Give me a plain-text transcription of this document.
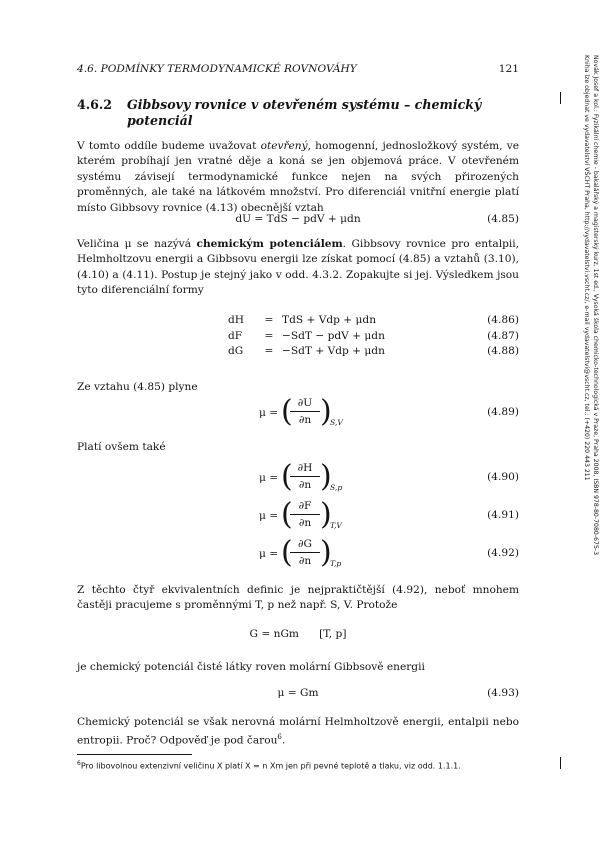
4.6. PODMÍNKY TERMODYNAMICKÉ ROVNOVÁHY	121
4.6.2 Gibbsovy rovnice v otevřeném systému – chemický potenciál
V tomto oddíle budeme uvažovat otevřený, homogenní, jednosložkový systém, ve kterém probíhají jen vratné děje a koná se jen objemová práce. V otevřeném systému závisejí termodynamické funkce nejen na svých přirozených proměnných, ale také na látkovém množství. Pro diferenciál vnitřní energie platí místo Gibbsovy rovnice (4.13) obecnější vztah
dU = TdS − pdV + μdn	(4.85)
Veličina μ se nazývá chemickým potenciálem. Gibbsovy rovnice pro entalpii, Helmholtzovu energii a Gibbsovu energii lze získat pomocí (4.85) a vztahů (3.10), (4.10) a (4.11). Postup je stejný jako v odd. 4.3.2. Zopakujte si jej. Výsledkem jsou tyto diferenciální formy
dH	= TdS + Vdp + μdn	(4.86)
dF	= −SdT − pdV + μdn	(4.87)
dG	= −SdT + Vdp + μdn	(4.88)
Ze vztahu (4.85) plyne
μ = ( ∂U
∂n )
S,V
(4.89)
Platí ovšem také
μ = ( ∂H
∂n )
S,p
(4.90)
μ = ( ∂F
∂n )
T,V
(4.91)
μ = ( ∂G
∂n )
T,p
(4.92)
Z těchto čtyř ekvivalentních definic je nejpraktičtější (4.92), neboť mnohem častěji pracujeme s proměnnými T, p než např. S, V. Protože
G = nGm      [T, p]
je chemický potenciál čisté látky roven molární Gibbsově energii
μ = Gm	(4.93)
Chemický potenciál se však nerovná molární Helmholtzově energii, entalpii nebo entropii. Proč? Odpověď je pod čarou$^6$.
$^6$Pro libovolnou extenzivní veličinu X platí X = n Xm jen při pevné teplotě a tlaku, viz odd. 1.1.1.
Novák Josef a kol.: Fyzikální chemie - bakalářský a magisterský kurz, 1st ed., Vysoká škola chemicko-technologická v Praze, Praha 2008, ISBN 978-80-7080-675-3
Kniha lze objednat ve vydavatelství VŠCHT Praha, http://vydavatelstvi.vscht.cz/, e-mail vydavatelstvi@vscht.cz, tel.: (+420) 220 443 211
